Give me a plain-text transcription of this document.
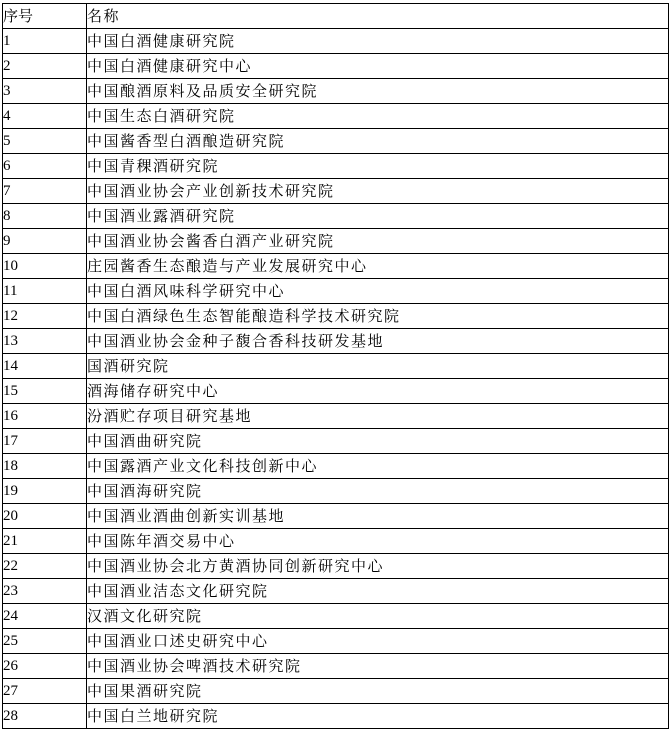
序号	名称
1	中国白酒健康研究院
2	中国白酒健康研究中心
3	中国酿酒原料及品质安全研究院
4	中国生态白酒研究院
5	中国酱香型白酒酿造研究院
6	中国青稞酒研究院
7	中国酒业协会产业创新技术研究院
8	中国酒业露酒研究院
9	中国酒业协会酱香白酒产业研究院
10	庄园酱香生态酿造与产业发展研究中心
11	中国白酒风味科学研究中心
12	中国白酒绿色生态智能酿造科学技术研究院
13	中国酒业协会金种子馥合香科技研发基地
14	国酒研究院
15	酒海储存研究中心
16	汾酒贮存项目研究基地
17	中国酒曲研究院
18	中国露酒产业文化科技创新中心
19	中国酒海研究院
20	中国酒业酒曲创新实训基地
21	中国陈年酒交易中心
22	中国酒业协会北方黄酒协同创新研究中心
23	中国酒业洁态文化研究院
24	汉酒文化研究院
25	中国酒业口述史研究中心
26	中国酒业协会啤酒技术研究院
27	中国果酒研究院
28	中国白兰地研究院
